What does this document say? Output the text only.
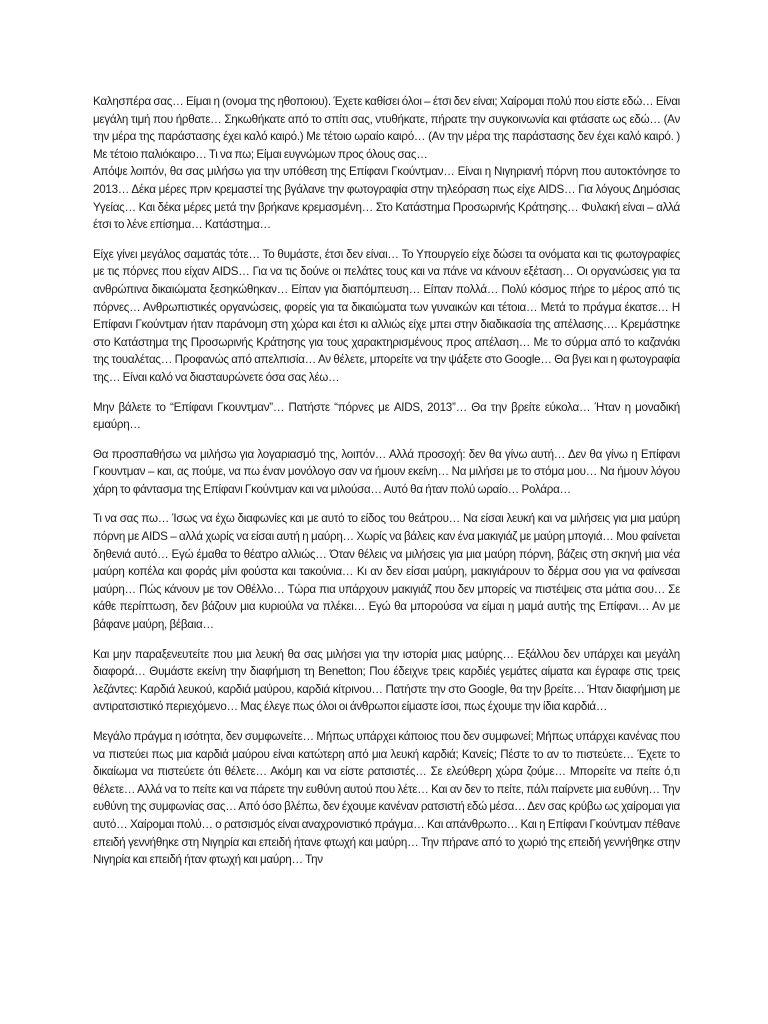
Καλησπέρα σας… Είμαι η (ονομα της ηθοποιου). Έχετε καθίσει όλοι – έτσι δεν είναι; Χαίρομαι πολύ που είστε εδώ… Είναι μεγάλη τιμή που ήρθατε… Σηκωθήκατε από το σπίτι σας, ντυθήκατε, πήρατε την συγκοινωνία και φτάσατε ως εδώ… (Αν την μέρα της παράστασης έχει καλό καιρό.) Με τέτοιο ωραίο καιρό… (Αν την μέρα της παράστασης δεν έχει καλό καιρό. ) Με τέτοιο παλιόκαιρο… Τι να πω; Είμαι ευγνώμων προς όλους σας…

Απόψε λοιπόν, θα σας μιλήσω για την υπόθεση της Επίφανι Γκούντμαν… Είναι η Νιγηριανή πόρνη που αυτοκτόνησε το 2013… Δέκα μέρες πριν κρεμαστεί της βγάλανε την φωτογραφία στην τηλεόραση πως είχε AIDS… Για λόγους Δημόσιας Υγείας… Και δέκα μέρες μετά την βρήκανε κρεμασμένη… Στο Κατάστημα Προσωρινής Κράτησης… Φυλακή είναι – αλλά έτσι το λένε επίσημα… Κατάστημα…

Είχε γίνει μεγάλος σαματάς τότε… Το θυμάστε, έτσι δεν είναι… Το Υπουργείο είχε δώσει τα ονόματα και τις φωτογραφίες με τις πόρνες που είχαν AIDS… Για να τις δούνε οι πελάτες τους και να πάνε να κάνουν εξέταση… Οι οργανώσεις για τα ανθρώπινα δικαιώματα ξεσηκώθηκαν… Είπαν για διαπόμπευση… Είπαν πολλά… Πολύ κόσμος πήρε το μέρος από τις πόρνες… Ανθρωπιστικές οργανώσεις, φορείς για τα δικαιώματα των γυναικών και τέτοια… Μετά το πράγμα έκατσε… Η Επίφανι Γκούντμαν ήταν παράνομη στη χώρα και έτσι κι αλλιώς είχε μπει στην διαδικασία της απέλασης…. Κρεμάστηκε στο Κατάστημα της Προσωρινής Κράτησης για τους χαρακτηρισμένους προς απέλαση… Με το σύρμα από το καζανάκι της τουαλέτας… Προφανώς από απελπισία… Αν θέλετε, μπορείτε να την ψάξετε στο Google… Θα βγει και η φωτογραφία της… Είναι καλό να διασταυρώνετε όσα σας λέω…

Μην βάλετε το “Επίφανι Γκουντμαν”… Πατήστε “πόρνες με AIDS, 2013”… Θα την βρείτε εύκολα… Ήταν η μοναδική εμαύρη…

Θα προσπαθήσω να μιλήσω για λογαριασμό της, λοιπόν… Αλλά προσοχή: δεν θα γίνω αυτή… Δεν θα γίνω η Επίφανι Γκουντμαν – και, ας πούμε, να πω έναν μονόλογο σαν να ήμουν εκείνη… Να μιλήσει με το στόμα μου… Να ήμουν λόγου χάρη το φάντασμα της Επίφανι Γκούντμαν και να μιλούσα… Αυτό θα ήταν πολύ ωραίο… Ρολάρα…

Τι να σας πω… Ίσως να έχω διαφωνίες και με αυτό το είδος του θεάτρου… Να είσαι λευκή και να μιλήσεις για μια μαύρη πόρνη με AIDS – αλλά χωρίς να είσαι αυτή η μαύρη… Χωρίς να βάλεις καν ένα μακιγιάζ με μαύρη μπογιά… Μου φαίνεται δηθενιά αυτό… Εγώ έμαθα το θέατρο αλλιώς… Όταν θέλεις να μιλήσεις για μια μαύρη πόρνη, βάζεις στη σκηνή μια νέα μαύρη κοπέλα και φοράς μίνι φούστα και τακούνια… Κι αν δεν είσαι μαύρη, μακιγιάρουν το δέρμα σου για να φαίνεσαι μαύρη… Πώς κάνουν με τον Οθέλλο… Τώρα πια υπάρχουν μακιγιάζ που δεν μπορείς να πιστέψεις στα μάτια σου… Σε κάθε περίπτωση, δεν βάζουν μια κυριούλα να πλέκει… Εγώ θα μπορούσα να είμαι η μαμά αυτής της Επίφανι… Αν με βάφανε μαύρη, βέβαια…

Και μην παραξενευτείτε που μια λευκή θα σας μιλήσει για την ιστορία μιας μαύρης… Εξάλλου δεν υπάρχει και μεγάλη διαφορά… Θυμάστε εκείνη την διαφήμιση τη Benetton; Που έδειχνε τρεις καρδιές γεμάτες αίματα και έγραφε στις τρεις λεζάντες: Καρδιά λευκού, καρδιά μαύρου, καρδιά κίτρινου… Πατήστε την στο Google, θα την βρείτε… Ήταν διαφήμιση με αντιρατσιστικό περιεχόμενο… Μας έλεγε πως όλοι οι άνθρωποι είμαστε ίσοι, πως έχουμε την ίδια καρδιά…

Μεγάλο πράγμα η ισότητα, δεν συμφωνείτε… Μήπως υπάρχει κάποιος που δεν συμφωνεί; Μήπως υπάρχει κανένας που να πιστεύει πως μια καρδιά μαύρου είναι κατώτερη από μια λευκή καρδιά; Κανείς; Πέστε το αν το πιστεύετε… Έχετε το δικαίωμα να πιστεύετε ότι θέλετε… Ακόμη και να είστε ρατσιστές… Σε ελεύθερη χώρα ζούμε… Μπορείτε να πείτε ό,τι θέλετε… Αλλά να το πείτε και να πάρετε την ευθύνη αυτού που λέτε… Και αν δεν το πείτε, πάλι παίρνετε μια ευθύνη… Την ευθύνη της συμφωνίας σας… Από όσο βλέπω, δεν έχουμε κανέναν ρατσιστή εδώ μέσα… Δεν σας κρύβω ως χαίρομαι για αυτό… Χαίρομαι πολύ… ο ρατσισμός είναι αναχρονιστικό πράγμα… Και απάνθρωπο… Και η Επίφανι Γκούντμαν πέθανε επειδή γεννήθηκε στη Νιγηρία και επειδή ήτανε φτωχή και μαύρη… Την πήρανε από το χωριό της επειδή γεννήθηκε στην Νιγηρία και επειδή ήταν φτωχή και μαύρη… Την
